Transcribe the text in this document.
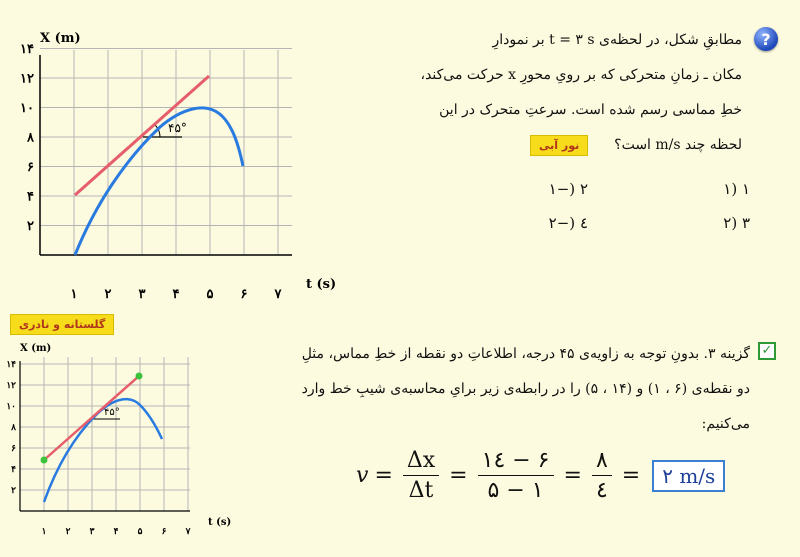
?
مطابقِ شکل، در لحظه‌ی t = ۳ s بر نمودارِ
مکان ـ زمانِ متحرکی که بر رویِ محورِ x حرکت می‌کند،
خطِ مماسی رسم شده است. سرعتِ متحرک در این
لحظه چند m/s است؟
نور آبی
۱ (۱
۲ (−۱
۳ (۲
٤ (−۲
گلستانه و نادری
✓
گزینه ۳. بدونِ توجه به زاویه‌ی ۴۵ درجه، اطلاعاتِ دو نقطه از خطِ مماس، مثلِ
دو نقطه‌ی (۶ ، ۱) و (۱۴ ، ۵) را در رابطه‌ی زیر برایِ محاسبه‌ی شیبِ خط وارد
می‌کنیم:
$v = \frac{\Delta x}{\Delta t} = \frac{۱٤ - ۶}{۵ - ۱} = \frac{۸}{٤}$ =	۲ m/s
X (m)
t (s)
۴۵°
۲
۴
۶
۸
۱۰
۱۲
۱۴
۱ ۲ ۳ ۴ ۵ ۶ ۷
X (m)
t (s)
۴۵°
۲
۴
۶
۸
۱۰
۱۲
۱۴
۱ ۲ ۳ ۴ ۵ ۶ ۷
